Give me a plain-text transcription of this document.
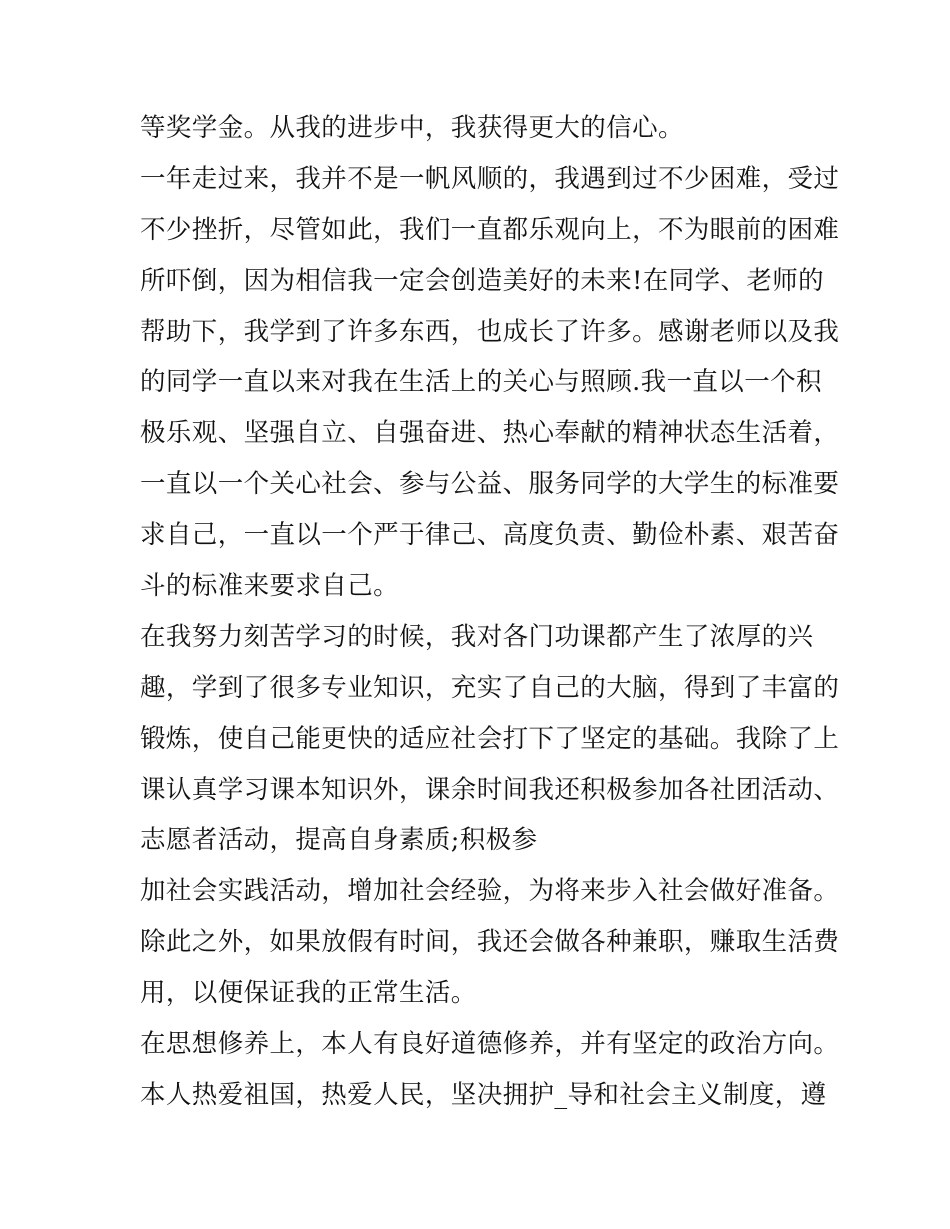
等奖学金。从我的进步中，我获得更大的信心。
一年走过来，我并不是一帆风顺的，我遇到过不少困难，受过
不少挫折，尽管如此，我们一直都乐观向上，不为眼前的困难
所吓倒，因为相信我一定会创造美好的未来!在同学、老师的
帮助下，我学到了许多东西，也成长了许多。感谢老师以及我
的同学一直以来对我在生活上的关心与照顾.我一直以一个积
极乐观、坚强自立、自强奋进、热心奉献的精神状态生活着，
一直以一个关心社会、参与公益、服务同学的大学生的标准要
求自己，一直以一个严于律己、高度负责、勤俭朴素、艰苦奋
斗的标准来要求自己。
在我努力刻苦学习的时候，我对各门功课都产生了浓厚的兴
趣，学到了很多专业知识，充实了自己的大脑，得到了丰富的
锻炼，使自己能更快的适应社会打下了坚定的基础。我除了上
课认真学习课本知识外，课余时间我还积极参加各社团活动、
志愿者活动，提高自身素质;积极参
加社会实践活动，增加社会经验，为将来步入社会做好准备。
除此之外，如果放假有时间，我还会做各种兼职，赚取生活费
用，以便保证我的正常生活。
在思想修养上，本人有良好道德修养，并有坚定的政治方向。
本人热爱祖国，热爱人民，坚决拥护_导和社会主义制度，遵
